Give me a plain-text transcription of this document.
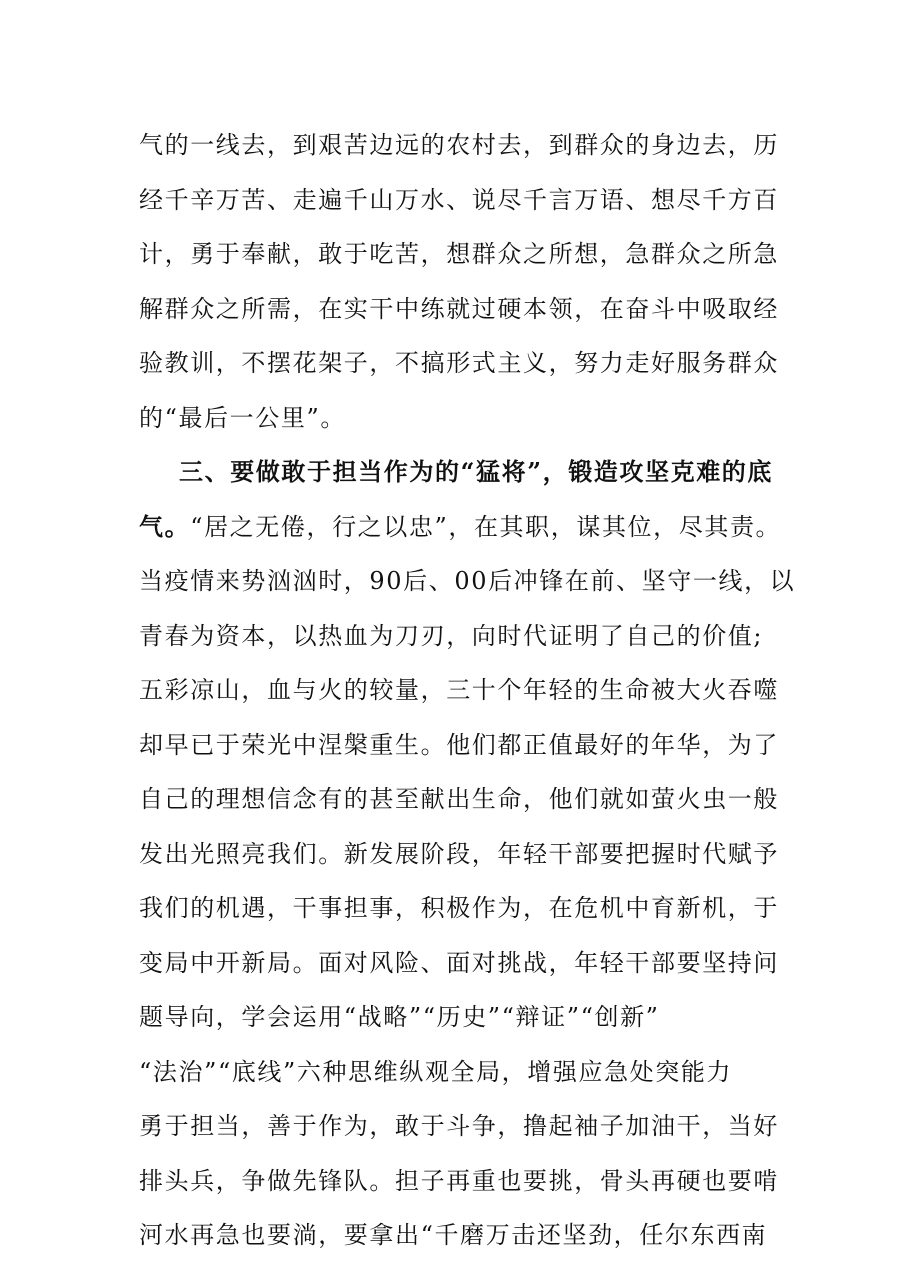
气的一线去，到艰苦边远的农村去，到群众的身边去，历
经千辛万苦、走遍千山万水、说尽千言万语、想尽千方百
计，勇于奉献，敢于吃苦，想群众之所想，急群众之所急
解群众之所需，在实干中练就过硬本领，在奋斗中吸取经
验教训，不摆花架子，不搞形式主义，努力走好服务群众
的“最后一公里”。
三、要做敢于担当作为的“猛将”，锻造攻坚克难的底
气。“居之无倦，行之以忠”，在其职，谋其位，尽其责。
当疫情来势汹汹时，90后、00后冲锋在前、坚守一线，以
青春为资本，以热血为刀刃，向时代证明了自己的价值;
五彩凉山，血与火的较量，三十个年轻的生命被大火吞噬
却早已于荣光中涅槃重生。他们都正值最好的年华，为了
自己的理想信念有的甚至献出生命，他们就如萤火虫一般
发出光照亮我们。新发展阶段，年轻干部要把握时代赋予
我们的机遇，干事担事，积极作为，在危机中育新机，于
变局中开新局。面对风险、面对挑战，年轻干部要坚持问
题导向，学会运用“战略”“历史”“辩证”“创新”
“法治”“底线”六种思维纵观全局，增强应急处突能力
勇于担当，善于作为，敢于斗争，撸起袖子加油干，当好
排头兵，争做先锋队。担子再重也要挑，骨头再硬也要啃
河水再急也要淌，要拿出“千磨万击还坚劲，任尔东西南
